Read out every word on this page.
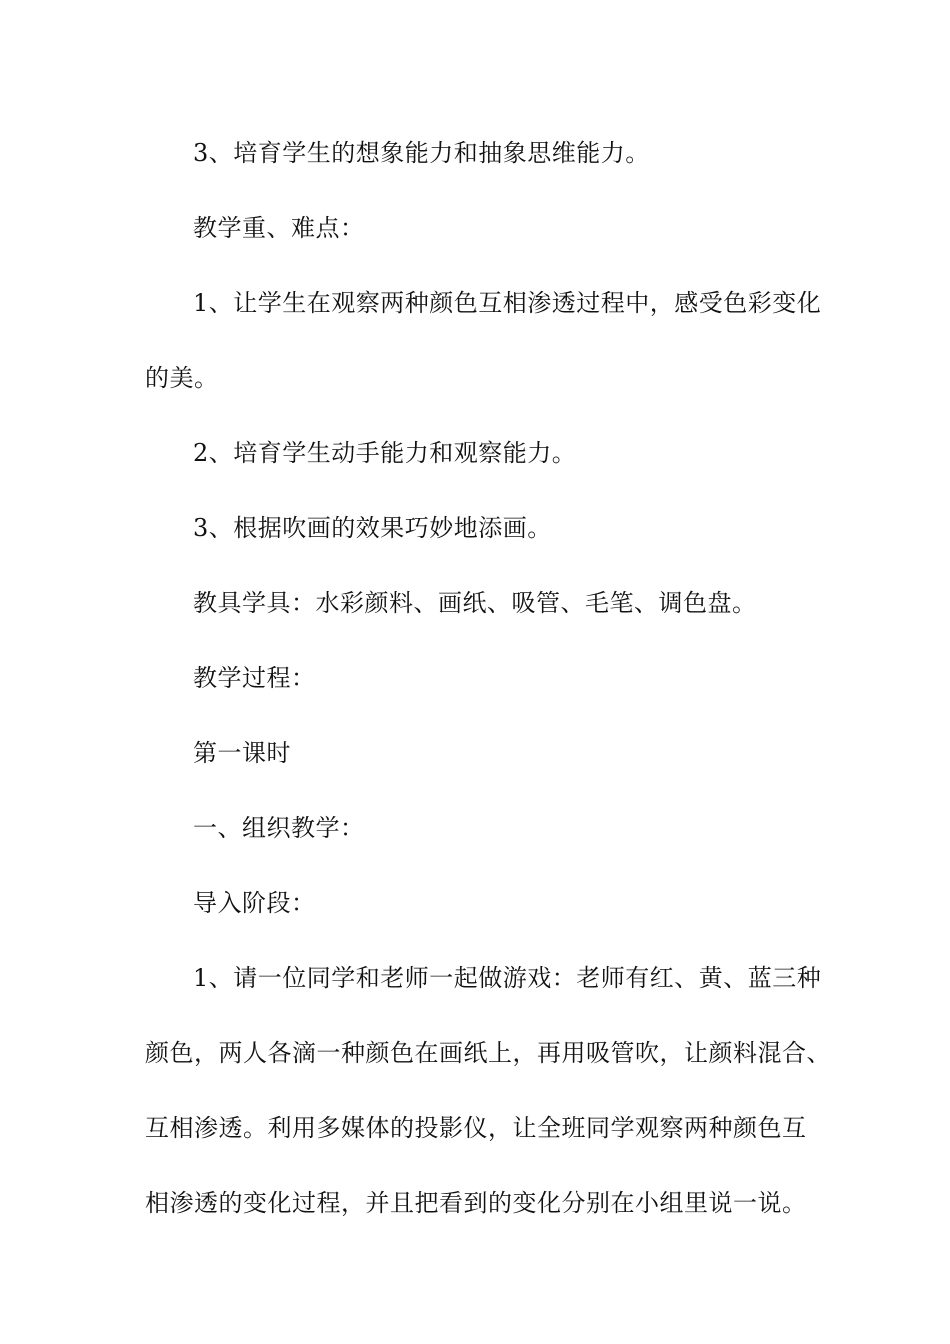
3、培育学生的想象能力和抽象思维能力。
教学重、难点：
1、让学生在观察两种颜色互相渗透过程中，感受色彩变化
的美。
2、培育学生动手能力和观察能力。
3、根据吹画的效果巧妙地添画。
教具学具：水彩颜料、画纸、吸管、毛笔、调色盘。
教学过程：
第一课时
一、组织教学：
导入阶段：
1、请一位同学和老师一起做游戏：老师有红、黄、蓝三种
颜色，两人各滴一种颜色在画纸上，再用吸管吹，让颜料混合、
互相渗透。利用多媒体的投影仪，让全班同学观察两种颜色互
相渗透的变化过程，并且把看到的变化分别在小组里说一说。
